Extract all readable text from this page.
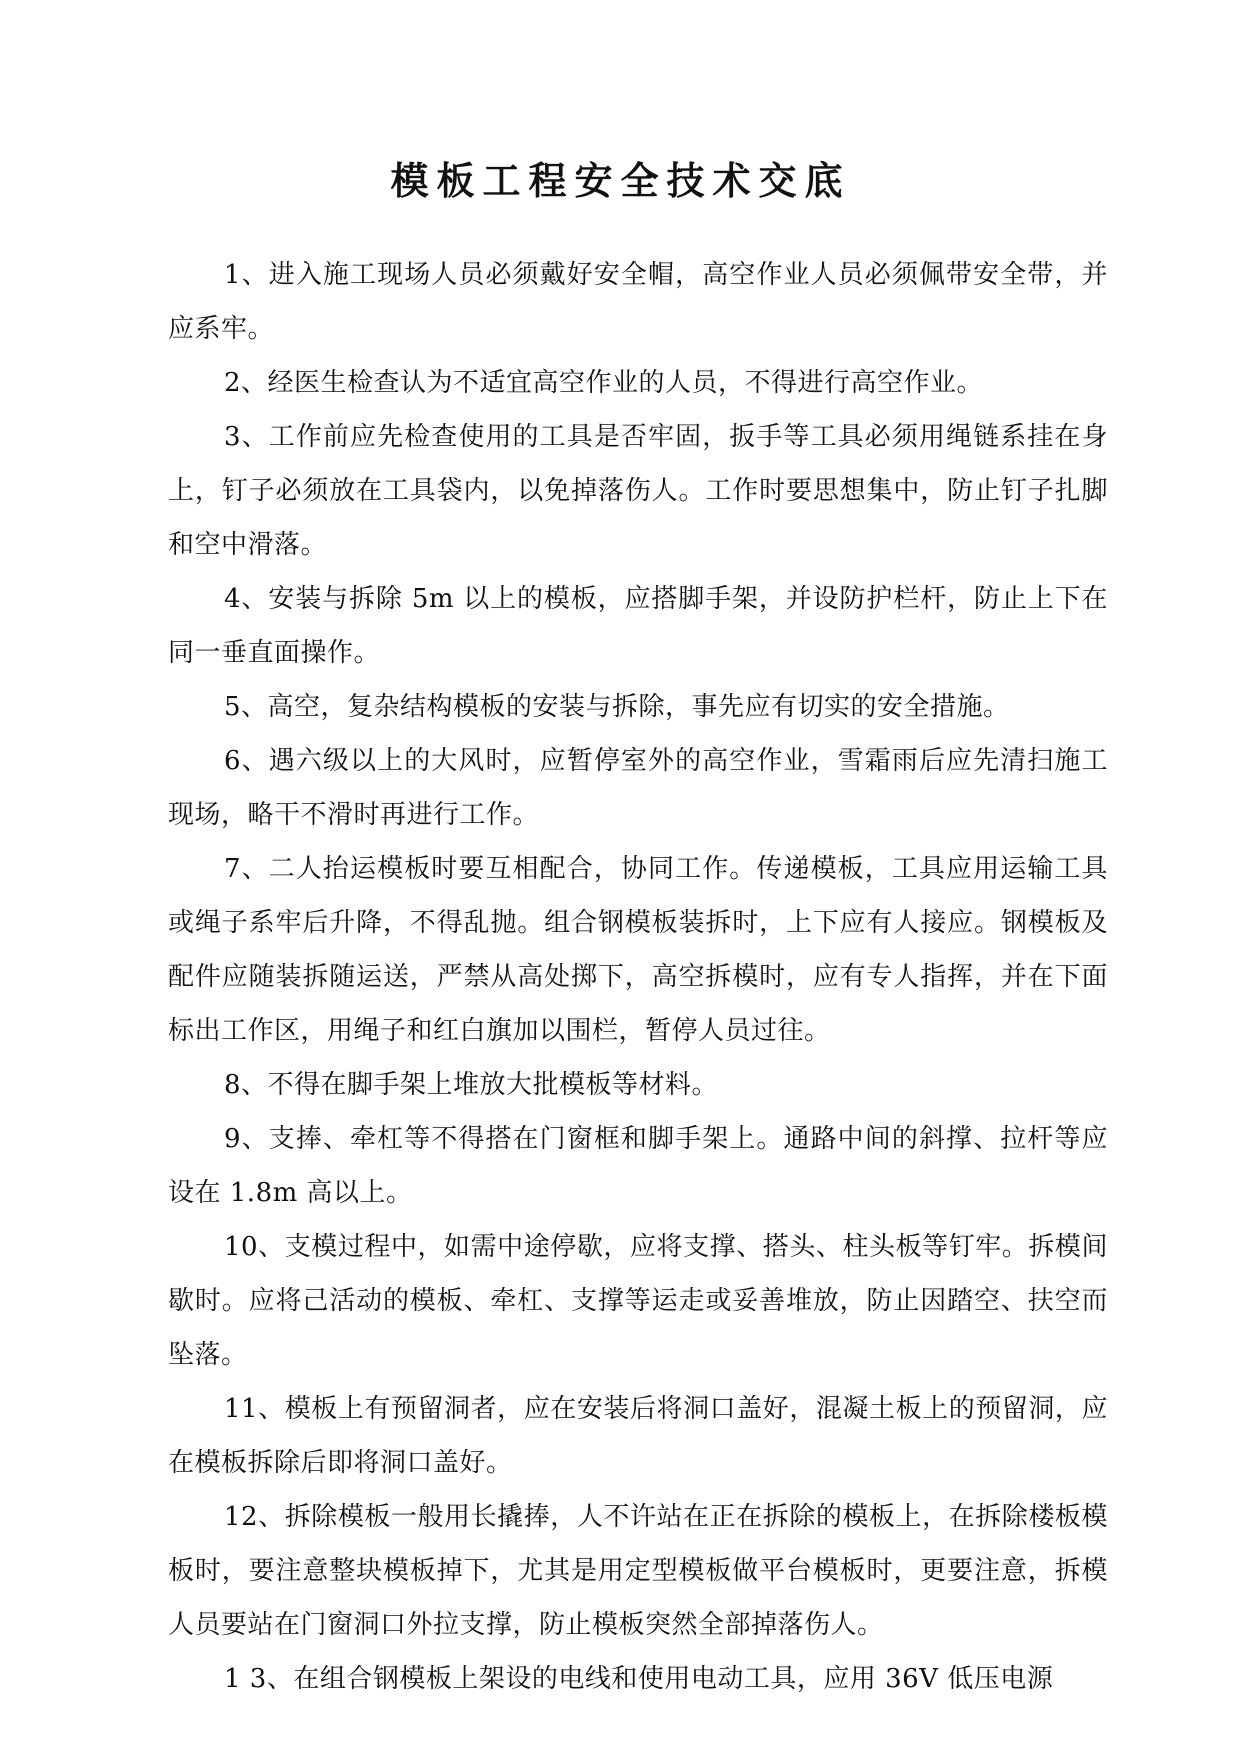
模板工程安全技术交底

1、进入施工现场人员必须戴好安全帽，高空作业人员必须佩带安全带，并应系牢。

2、经医生检查认为不适宜高空作业的人员，不得进行高空作业。

3、工作前应先检查使用的工具是否牢固，扳手等工具必须用绳链系挂在身上，钉子必须放在工具袋内，以免掉落伤人。工作时要思想集中，防止钉子扎脚和空中滑落。

4、安装与拆除 5m 以上的模板，应搭脚手架，并设防护栏杆，防止上下在同一垂直面操作。

5、高空，复杂结构模板的安装与拆除，事先应有切实的安全措施。

6、遇六级以上的大风时，应暂停室外的高空作业，雪霜雨后应先清扫施工现场，略干不滑时再进行工作。

7、二人抬运模板时要互相配合，协同工作。传递模板，工具应用运输工具或绳子系牢后升降，不得乱抛。组合钢模板装拆时，上下应有人接应。钢模板及配件应随装拆随运送，严禁从高处掷下，高空拆模时，应有专人指挥，并在下面标出工作区，用绳子和红白旗加以围栏，暂停人员过往。

8、不得在脚手架上堆放大批模板等材料。

9、支捧、牵杠等不得搭在门窗框和脚手架上。通路中间的斜撑、拉杆等应设在 1.8m 高以上。

10、支模过程中，如需中途停歇，应将支撑、搭头、柱头板等钉牢。拆模间歇时。应将己活动的模板、牵杠、支撑等运走或妥善堆放，防止因踏空、扶空而坠落。

11、模板上有预留洞者，应在安装后将洞口盖好，混凝土板上的预留洞，应在模板拆除后即将洞口盖好。

12、拆除模板一般用长撬捧，人不许站在正在拆除的模板上，在拆除楼板模板时，要注意整块模板掉下，尤其是用定型模板做平台模板时，更要注意，拆模人员要站在门窗洞口外拉支撑，防止模板突然全部掉落伤人。

1 3、在组合钢模板上架设的电线和使用电动工具，应用 36V 低压电源
